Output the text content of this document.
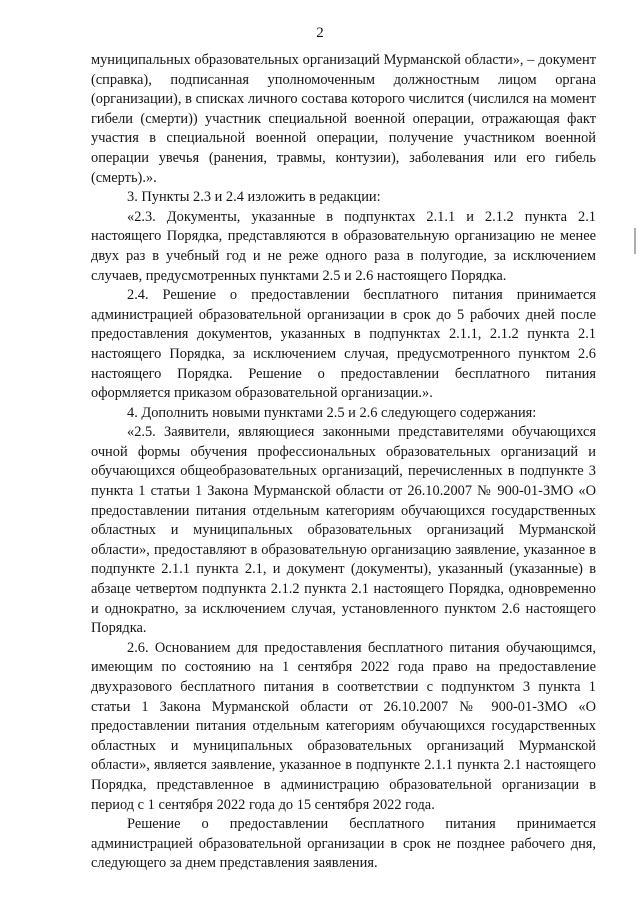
2

муниципальных образовательных организаций Мурманской области», – документ (справка), подписанная уполномоченным должностным лицом органа (организации), в списках личного состава которого числится (числился на момент гибели (смерти)) участник специальной военной операции, отражающая факт участия в специальной военной операции, получение участником военной операции увечья (ранения, травмы, контузии), заболевания или его гибель (смерть).».

3. Пункты 2.3 и 2.4 изложить в редакции:

«2.3. Документы, указанные в подпунктах 2.1.1 и 2.1.2 пункта 2.1 настоящего Порядка, представляются в образовательную организацию не менее двух раз в учебный год и не реже одного раза в полугодие, за исключением случаев, предусмотренных пунктами 2.5 и 2.6 настоящего Порядка.

2.4. Решение о предоставлении бесплатного питания принимается администрацией образовательной организации в срок до 5 рабочих дней после предоставления документов, указанных в подпунктах 2.1.1, 2.1.2 пункта 2.1 настоящего Порядка, за исключением случая, предусмотренного пунктом 2.6 настоящего Порядка. Решение о предоставлении бесплатного питания оформляется приказом образовательной организации.».

4. Дополнить новыми пунктами 2.5 и 2.6 следующего содержания:

«2.5. Заявители, являющиеся законными представителями обучающихся очной формы обучения профессиональных образовательных организаций и обучающихся общеобразовательных организаций, перечисленных в подпункте 3 пункта 1 статьи 1 Закона Мурманской области от 26.10.2007 № 900-01-ЗМО «О предоставлении питания отдельным категориям обучающихся государственных областных и муниципальных образовательных организаций Мурманской области», предоставляют в образовательную организацию заявление, указанное в подпункте 2.1.1 пункта 2.1, и документ (документы), указанный (указанные) в абзаце четвертом подпункта 2.1.2 пункта 2.1 настоящего Порядка, одновременно и однократно, за исключением случая, установленного пунктом 2.6 настоящего Порядка.

2.6. Основанием для предоставления бесплатного питания обучающимся, имеющим по состоянию на 1 сентября 2022 года право на предоставление двухразового бесплатного питания в соответствии с подпунктом 3 пункта 1 статьи 1 Закона Мурманской области от 26.10.2007 № 900-01-ЗМО «О предоставлении питания отдельным категориям обучающихся государственных областных и муниципальных образовательных организаций Мурманской области», является заявление, указанное в подпункте 2.1.1 пункта 2.1 настоящего Порядка, представленное в администрацию образовательной организации в период с 1 сентября 2022 года до 15 сентября 2022 года.

Решение о предоставлении бесплатного питания принимается администрацией образовательной организации в срок не позднее рабочего дня, следующего за днем представления заявления.
